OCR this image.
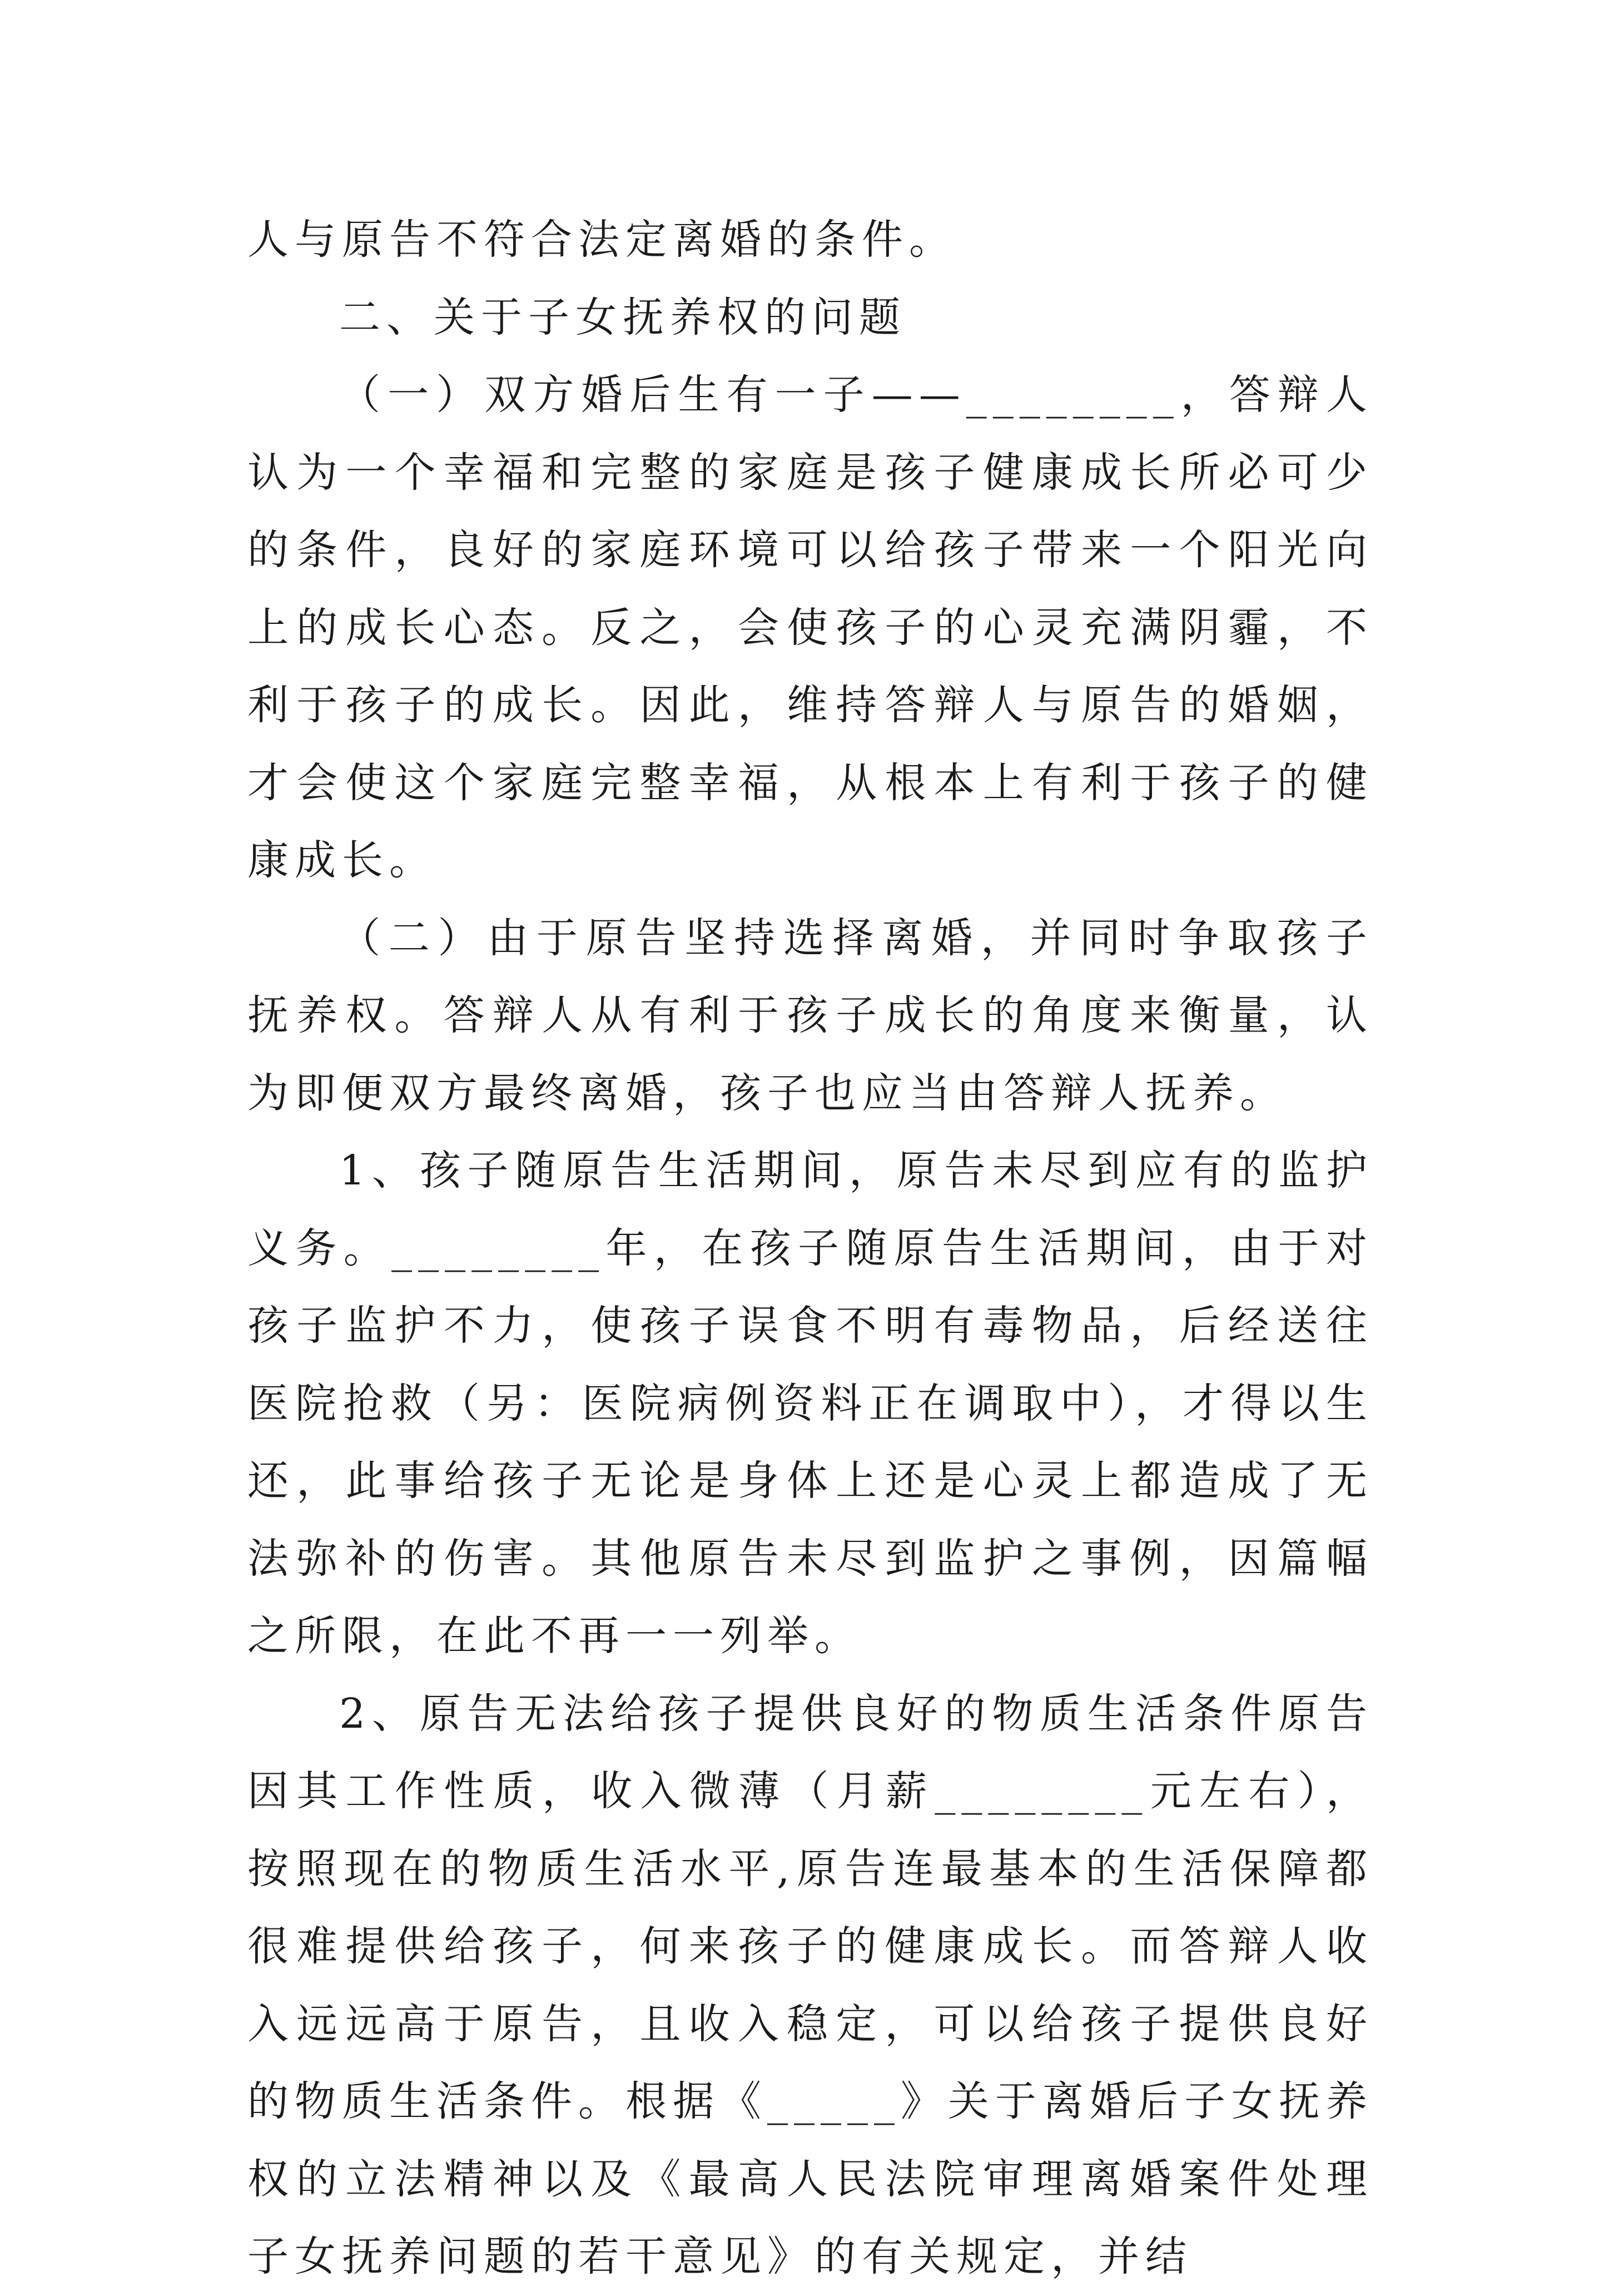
人与原告不符合法定离婚的条件。

二、关于子女抚养权的问题

（一）双方婚后生有一子——________，答辩人认为一个幸福和完整的家庭是孩子健康成长所必可少的条件，良好的家庭环境可以给孩子带来一个阳光向上的成长心态。反之，会使孩子的心灵充满阴霾，不利于孩子的成长。因此，维持答辩人与原告的婚姻，才会使这个家庭完整幸福，从根本上有利于孩子的健康成长。

（二）由于原告坚持选择离婚，并同时争取孩子抚养权。答辩人从有利于孩子成长的角度来衡量，认为即便双方最终离婚，孩子也应当由答辩人抚养。

1、孩子随原告生活期间，原告未尽到应有的监护义务。________年，在孩子随原告生活期间，由于对孩子监护不力，使孩子误食不明有毒物品，后经送往医院抢救（另：医院病例资料正在调取中），才得以生还，此事给孩子无论是身体上还是心灵上都造成了无法弥补的伤害。其他原告未尽到监护之事例，因篇幅之所限，在此不再一一列举。

2、原告无法给孩子提供良好的物质生活条件原告因其工作性质，收入微薄（月薪________元左右），按照现在的物质生活水平,原告连最基本的生活保障都很难提供给孩子，何来孩子的健康成长。而答辩人收入远远高于原告，且收入稳定，可以给孩子提供良好的物质生活条件。根据《_____》关于离婚后子女抚养权的立法精神以及《最高人民法院审理离婚案件处理子女抚养问题的若干意见》的有关规定，并结
